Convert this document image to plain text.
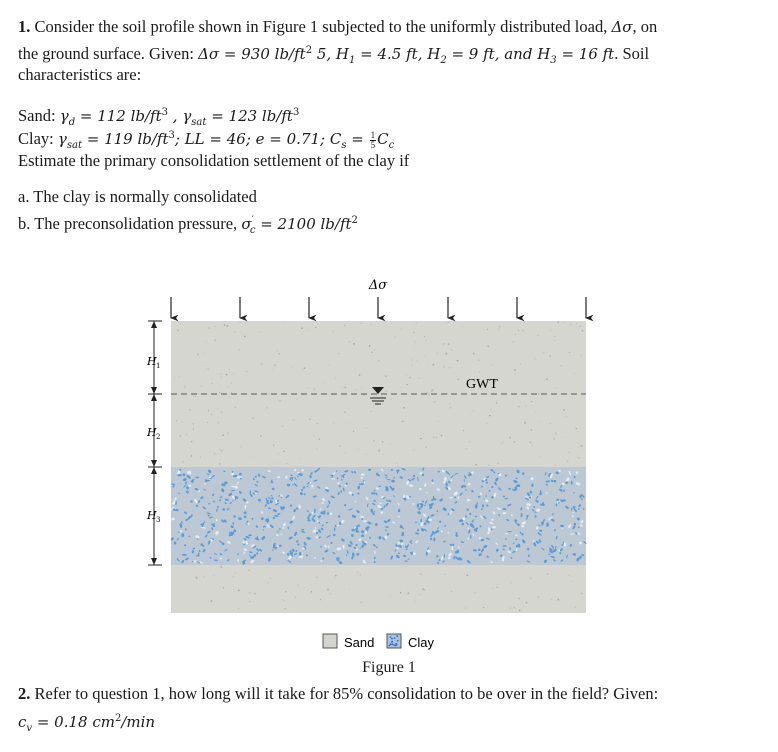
1. Consider the soil profile shown in Figure 1 subjected to the uniformly distributed load, Δσ, on
the ground surface. Given: Δσ = 930 $lb/ft^2$ 5, $H_1 = 4.5$ ft, $H_2 = 9$ ft, and $H_3 = 16$ ft. Soil
characteristics are:
Sand: $\gamma_d = 112$ $lb/ft^3$ , $\gamma_{sat} = 123$ $lb/ft^3$
Clay: $\gamma_{sat} = 119$ $lb/ft^3$; LL = 46; e = 0.71; $C_s = \frac{1}{5} C_c$
Estimate the primary consolidation settlement of the clay if
a. The clay is normally consolidated
b. The preconsolidation pressure, $\sigma'_c = 2100$ $lb/ft^2$
GWT
Δσ
H 1
H 2
H 3
Sand	Clay
Figure 1
2. Refer to question 1, how long will it take for 85% consolidation to be over in the field? Given:
$c_v = 0.18$ $cm^2/\min$
